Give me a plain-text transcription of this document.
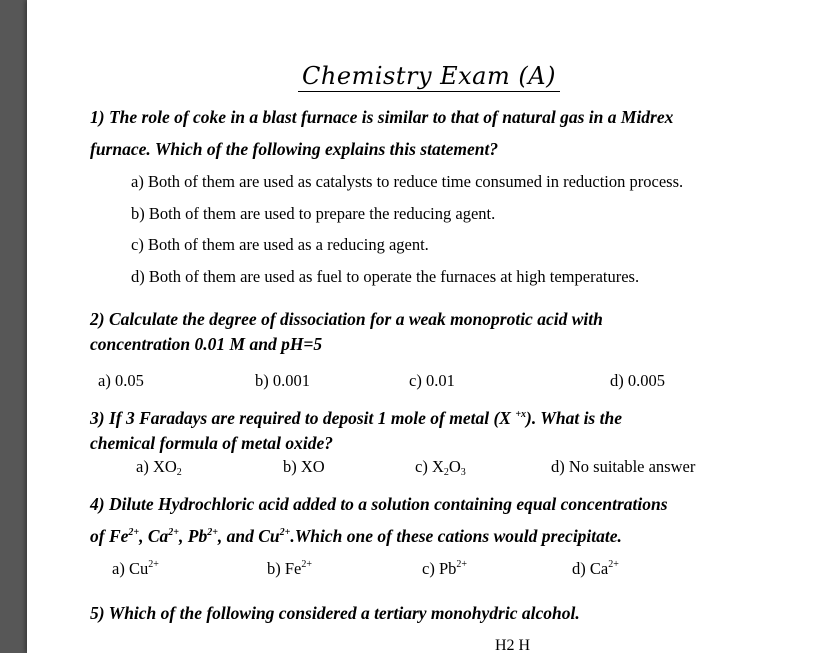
Chemistry Exam (A)
1) The role of coke in a blast furnace is similar to that of natural gas in a Midrex
furnace. Which of the following explains this statement?
a) Both of them are used as catalysts to reduce time consumed in reduction process.
b) Both of them are used to prepare the reducing agent.
c) Both of them are used as a reducing agent.
d) Both of them are used as fuel to operate the furnaces at high temperatures.
2) Calculate the degree of dissociation for a weak monoprotic acid with
concentration 0.01 M and pH=5
a) 0.05	b) 0.001	c) 0.01	d) 0.005
3) If 3 Faradays are required to deposit 1 mole of metal (X $^{+x}$). What is the
chemical formula of metal oxide?
a) $XO_2$	b) XO	c) $X_2O_3$	d) No suitable answer
4) Dilute Hydrochloric acid added to a solution containing equal concentrations
of $Fe^{2+}$, $Ca^{2+}$, $Pb^{2+}$, and $Cu^{2+}.Which$ one of these cations would precipitate.
a) $Cu^{2+}$	b) $Fe^{2+}$	c) $Pb^{2+}$	d) $Ca^{2+}$
5) Which of the following considered a tertiary monohydric alcohol.
H2 H
